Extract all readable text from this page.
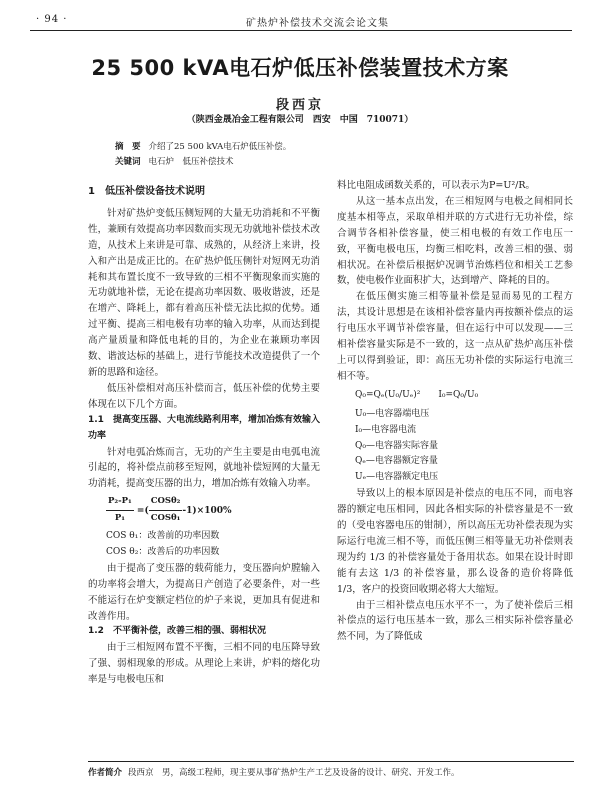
· 94 ·	矿热炉补偿技术交流会论文集
25 500 kVA电石炉低压补偿装置技术方案
段西京
（陕西金晟冶金工程有限公司　西安　中国　710071）
摘　要 介绍了25 500 kVA电石炉低压补偿。
关键词 电石炉　低压补偿技术
1　低压补偿设备技术说明

针对矿热炉变低压侧短网的大量无功消耗和不平衡性，兼顾有效提高功率因数而实现无功就地补偿技术改造，从技术上来讲是可靠、成熟的，从经济上来讲，投入和产出是成正比的。在矿热炉低压侧针对短网无功消耗和其布置长度不一致导致的三相不平衡现象而实施的无功就地补偿，无论在提高功率因数、吸收谐波，还是在增产、降耗上，都有着高压补偿无法比拟的优势。通过平衡、提高三相电极有功率的输入功率，从而达到提高产量质量和降低电耗的目的，为企业在兼顾功率因数、谐波达标的基础上，进行节能技术改造提供了一个新的思路和途径。

低压补偿相对高压补偿而言，低压补偿的优势主要体现在以下几个方面。

1.1　提高变压器、大电流线路利用率，增加冶炼有效输入功率

针对电弧冶炼而言，无功的产生主要是由电弧电流引起的，将补偿点前移至短网，就地补偿短网的大量无功消耗，提高变压器的出力，增加冶炼有效输入功率。

$\frac{\text{P₂-P₁}}{\text{P₁}}$ =( $\frac{\text{COSθ₂}}{\text{COSθ₁}} -1)\times 100\%$
COS θ₁：改善前的功率因数
COS θ₂：改善后的功率因数

由于提高了变压器的载荷能力，变压器向炉膛输入的功率将会增大，为提高日产创造了必要条件，对一些不能运行在炉变额定档位的炉子来说，更加具有促进和改善作用。

1.2　不平衡补偿，改善三相的强、弱相状况

由于三相短网布置不平衡，三相不同的电压降导致了强、弱相现象的形成。从理论上来讲，炉料的熔化功率是与电极电压和

料比电阻成函数关系的，可以表示为P=U²/R。

从这一基本点出发，在三相短网与电极之间相同长度基本相等点，采取单相并联的方式进行无功补偿，综合调节各相补偿容量，使三相电极的有效工作电压一致，平衡电极电压，均衡三相吃料，改善三相的强、弱相状况。在补偿后根据炉况调节治炼档位和相关工艺参数，使电极作业面积扩大，达到增产、降耗的目的。

在低压侧实施三相等量补偿是显而易见的工程方法，其设计思想是在该相补偿容量内再按额补偿点的运行电压水平调节补偿容量，但在运行中可以发现——三相补偿容量实际是不一致的，这一点从矿热炉高压补偿上可以得到验证，即：高压无功补偿的实际运行电流三相不等。

Q₀=Qₑ(U₀/Uₑ)²　　I₀=Q₀/U₀
U₀—电容器端电压
I₀—电容器电流
Q₀—电容器实际容量
Qₑ—电容器额定容量
Uₑ—电容器额定电压

导致以上的根本原因是补偿点的电压不同，而电容器的额定电压相同，因此各相实际的补偿容量是不一致的（受电容器电压的钳制），所以高压无功补偿表现为实际运行电流三相不等，而低压侧三相等量无功补偿则表现为约 1/3 的补偿容量处于备用状态。如果在设计时即能有去这 1/3 的补偿容量，那么设备的造价将降低 1/3，客户的投资回收期必将大大缩短。

由于三相补偿点电压水平不一，为了使补偿后三相补偿点的运行电压基本一致，那么三相实际补偿容量必然不同，为了降低成

作者简介 段西京　男，高级工程师，现主要从事矿热炉生产工艺及设备的设计、研究、开发工作。
